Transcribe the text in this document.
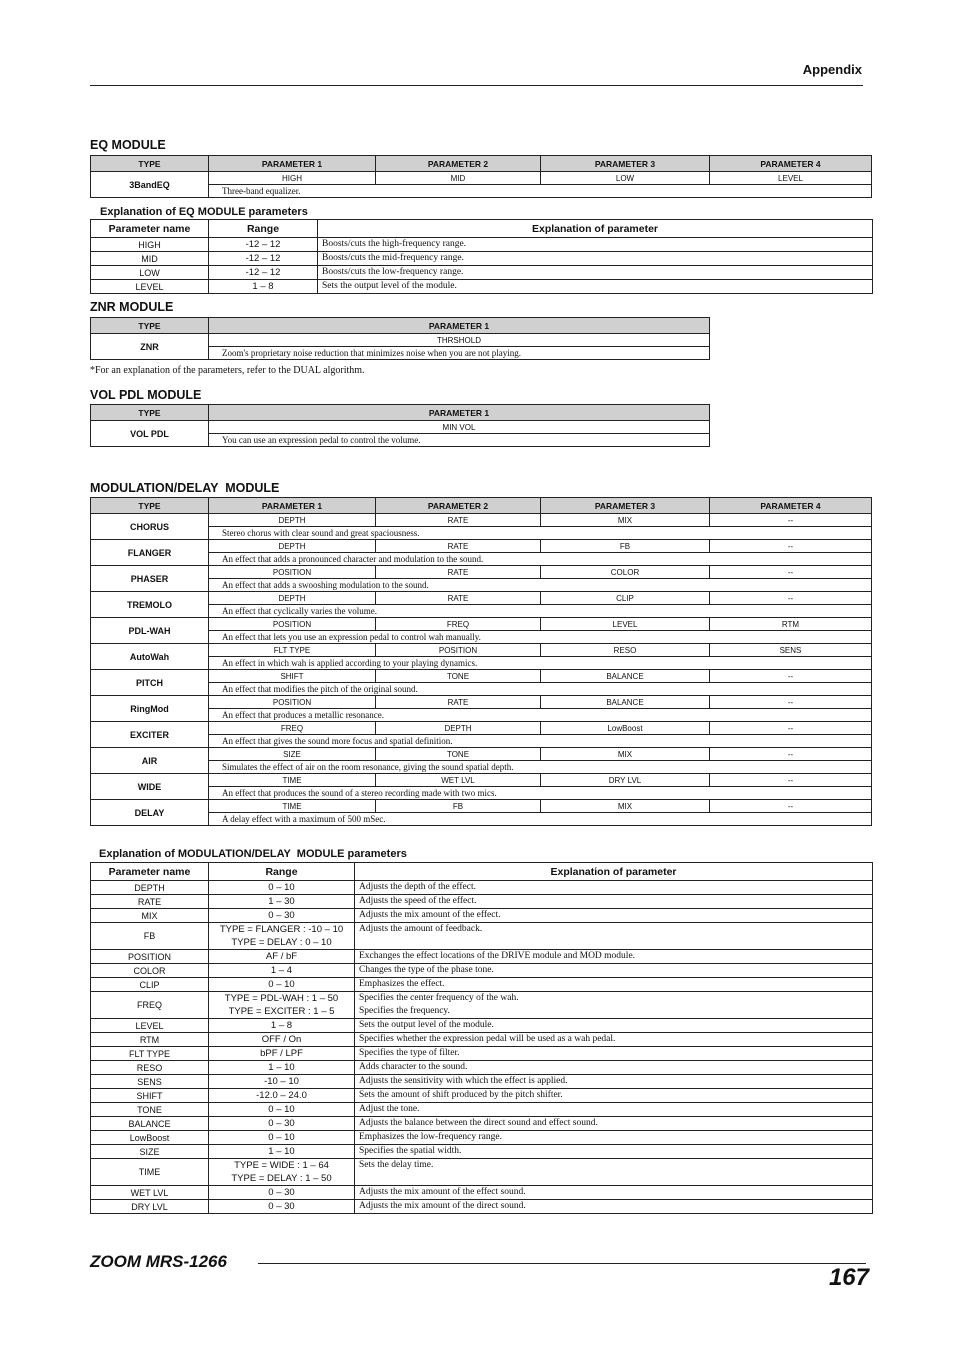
Appendix
EQ MODULE
TYPE	PARAMETER 1	PARAMETER 2	PARAMETER 3	PARAMETER 4
3BandEQ	HIGH	MID	LOW	LEVEL
	Three-band equalizer.			
Explanation of EQ MODULE parameters
Parameter name	Range	Explanation of parameter
HIGH	-12 – 12	Boosts/cuts the high-frequency range.

MID	-12 – 12	Boosts/cuts the mid-frequency range.

LOW	-12 – 12	Boosts/cuts the low-frequency range.

LEVEL	1 – 8	Sets the output level of the module.
ZNR MODULE
TYPE	PARAMETER 1
ZNR	THRSHOLD
	Zoom's proprietary noise reduction that minimizes noise when you are not playing.
*For an explanation of the parameters, refer to the DUAL algorithm.
VOL PDL MODULE
TYPE	PARAMETER 1
VOL PDL	MIN VOL
	You can use an expression pedal to control the volume.
MODULATION/DELAY  MODULE
TYPE	PARAMETER 1	PARAMETER 2	PARAMETER 3	PARAMETER 4
CHORUS	DEPTH	RATE	MIX	--
	Stereo chorus with clear sound and great spaciousness.			
FLANGER	DEPTH	RATE	FB	--
	An effect that adds a pronounced character and modulation to the sound.			
PHASER	POSITION	RATE	COLOR	--
	An effect that adds a swooshing modulation to the sound.			
TREMOLO	DEPTH	RATE	CLIP	--
	An effect that cyclically varies the volume.			
PDL-WAH	POSITION	FREQ	LEVEL	RTM
	An effect that lets you use an expression pedal to control wah manually.			
AutoWah	FLT TYPE	POSITION	RESO	SENS
	An effect in which wah is applied according to your playing dynamics.			
PITCH	SHIFT	TONE	BALANCE	--
	An effect that modifies the pitch of the original sound.			
RingMod	POSITION	RATE	BALANCE	--
	An effect that produces a metallic resonance.			
EXCITER	FREQ	DEPTH	LowBoost	--
	An effect that gives the sound more focus and spatial definition.			
AIR	SIZE	TONE	MIX	--
	Simulates the effect of air on the room resonance, giving the sound spatial depth.			
WIDE	TIME	WET LVL	DRY LVL	--
	An effect that produces the sound of a stereo recording made with two mics.			
DELAY	TIME	FB	MIX	--
	A delay effect with a maximum of 500 mSec.			
Explanation of MODULATION/DELAY  MODULE parameters
Parameter name	Range	Explanation of parameter
DEPTH	0 – 10	Adjusts the depth of the effect.

RATE	1 – 30	Adjusts the speed of the effect.

MIX	0 – 30	Adjusts the mix amount of the effect.

FB	TYPE = FLANGER : -10 – 10
TYPE = DELAY : 0 – 10	Adjusts the amount of feedback.

POSITION	AF / bF	Exchanges the effect locations of the DRIVE module and MOD module.

COLOR	1 – 4	Changes the type of the phase tone.

CLIP	0 – 10	Emphasizes the effect.

FREQ	TYPE = PDL-WAH : 1 – 50
TYPE = EXCITER : 1 – 5	Specifies the center frequency of the wah.
Specifies the frequency.

LEVEL	1 – 8	Sets the output level of the module.

RTM	OFF / On	Specifies whether the expression pedal will be used as a wah pedal.

FLT TYPE	bPF / LPF	Specifies the type of filter.

RESO	1 – 10	Adds character to the sound.

SENS	-10 – 10	Adjusts the sensitivity with which the effect is applied.

SHIFT	-12.0 – 24.0	Sets the amount of shift produced by the pitch shifter.

TONE	0 – 10	Adjust the tone.

BALANCE	0 – 30	Adjusts the balance between the direct sound and effect sound.

LowBoost	0 – 10	Emphasizes the low-frequency range.

SIZE	1 – 10	Specifies the spatial width.

TIME	TYPE = WIDE : 1 – 64
TYPE = DELAY : 1 – 50	Sets the delay time.

WET LVL	0 – 30	Adjusts the mix amount of the effect sound.

DRY LVL	0 – 30	Adjusts the mix amount of the direct sound.
ZOOM MRS-1266
167
